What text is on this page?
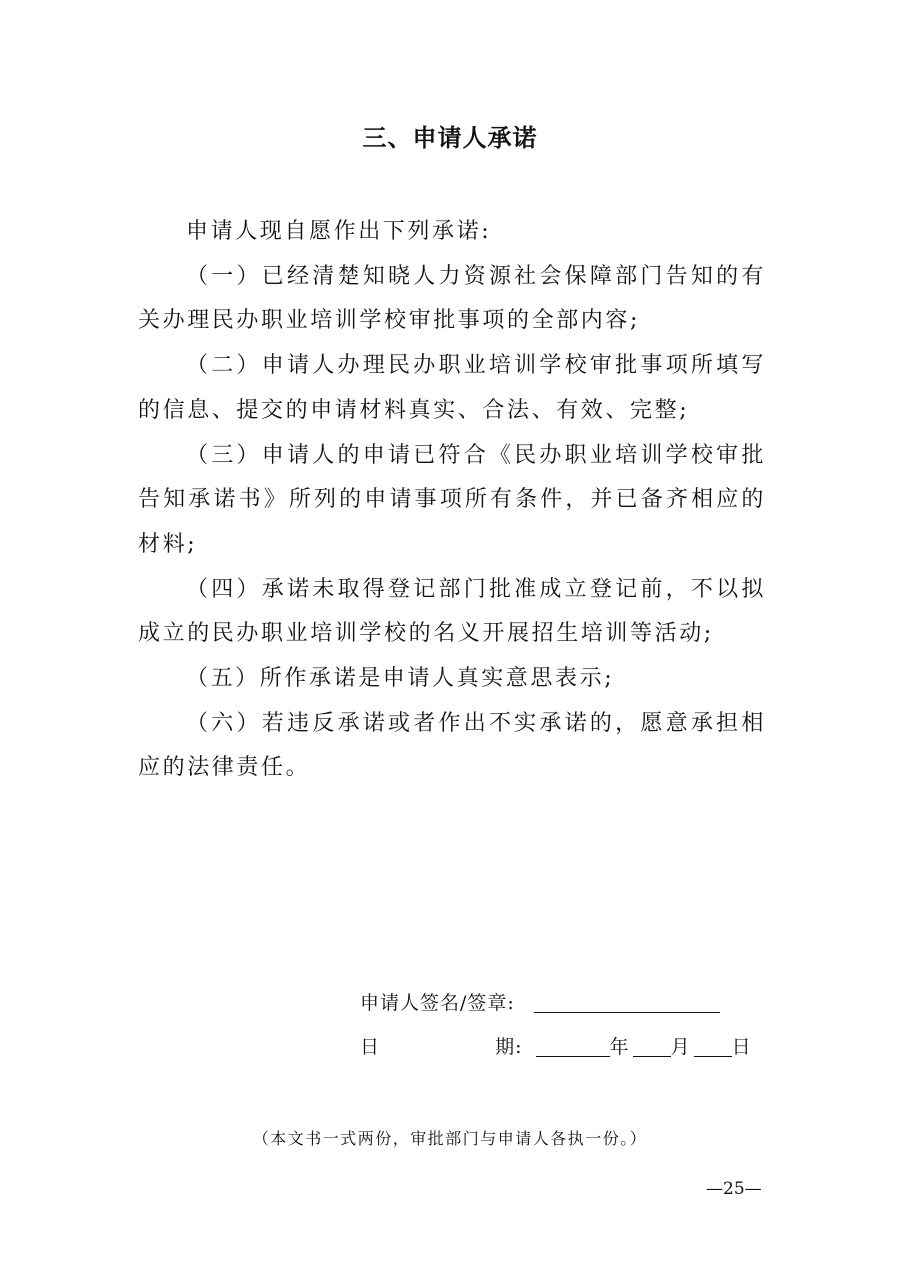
三、申请人承诺

申请人现自愿作出下列承诺:

（一）已经清楚知晓人力资源社会保障部门告知的有关办理民办职业培训学校审批事项的全部内容;

（二）申请人办理民办职业培训学校审批事项所填写的信息、提交的申请材料真实、合法、有效、完整;

（三）申请人的申请已符合《民办职业培训学校审批告知承诺书》所列的申请事项所有条件，并已备齐相应的材料;

（四）承诺未取得登记部门批准成立登记前，不以拟成立的民办职业培训学校的名义开展招生培训等活动;

（五）所作承诺是申请人真实意思表示;

（六）若违反承诺或者作出不实承诺的，愿意承担相应的法律责任。

申请人签名/签章:
日	期:	年 月 日
（本文书一式两份，审批部门与申请人各执一份。）
—25—
